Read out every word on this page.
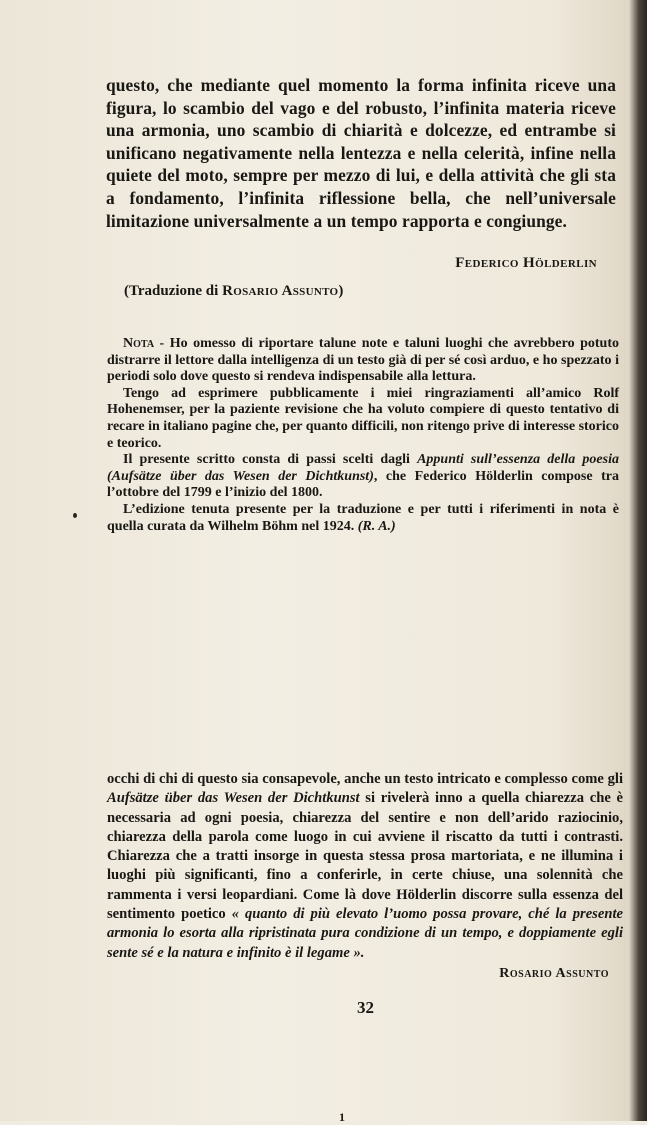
questo, che mediante quel momento la forma infinita riceve una figura, lo scambio del vago e del robusto, l’infinita materia riceve una armonia, uno scambio di chiarità e dolcezze, ed entrambe si unificano negativamente nella lentezza e nella celerità, infine nella quiete del moto, sempre per mezzo di lui, e della attività che gli sta a fondamento, l’infinita riflessione bella, che nell’universale limitazione universalmente a un tempo rapporta e congiunge.
Federico Hölderlin
(Traduzione di Rosario Assunto)

Nota - Ho omesso di riportare talune note e taluni luoghi che avrebbero potuto distrarre il lettore dalla intelligenza di un testo già di per sé così arduo, e ho spezzato i periodi solo dove questo si rendeva indispensabile alla lettura.

Tengo ad esprimere pubblicamente i miei ringraziamenti all’amico Rolf Hohenemser, per la paziente revisione che ha voluto compiere di questo tentativo di recare in italiano pagine che, per quanto difficili, non ritengo prive di interesse storico e teorico.

Il presente scritto consta di passi scelti dagli Appunti sull’essenza della poesia (Aufsätze über das Wesen der Dichtkunst), che Federico Hölderlin compose tra l’ottobre del 1799 e l’inizio del 1800.

L’edizione tenuta presente per la traduzione e per tutti i riferimenti in nota è quella curata da Wilhelm Böhm nel 1924. (R. A.)

occhi di chi di questo sia consapevole, anche un testo intricato e complesso come gli Aufsätze über das Wesen der Dichtkunst si rivelerà inno a quella chiarezza che è necessaria ad ogni poesia, chiarezza del sentire e non dell’arido raziocinio, chiarezza della parola come luogo in cui avviene il riscatto da tutti i contrasti. Chiarezza che a tratti insorge in questa stessa prosa martoriata, e ne illumina i luoghi più significanti, fino a conferirle, in certe chiuse, una solennità che rammenta i versi leopardiani. Come là dove Hölderlin discorre sulla essenza del sentimento poetico « quanto di più elevato l’uomo possa provare, ché la presente armonia lo esorta alla ripristinata pura condizione di un tempo, e doppiamente egli sente sé e la natura e infinito è il legame ».
Rosario Assunto
32
1
